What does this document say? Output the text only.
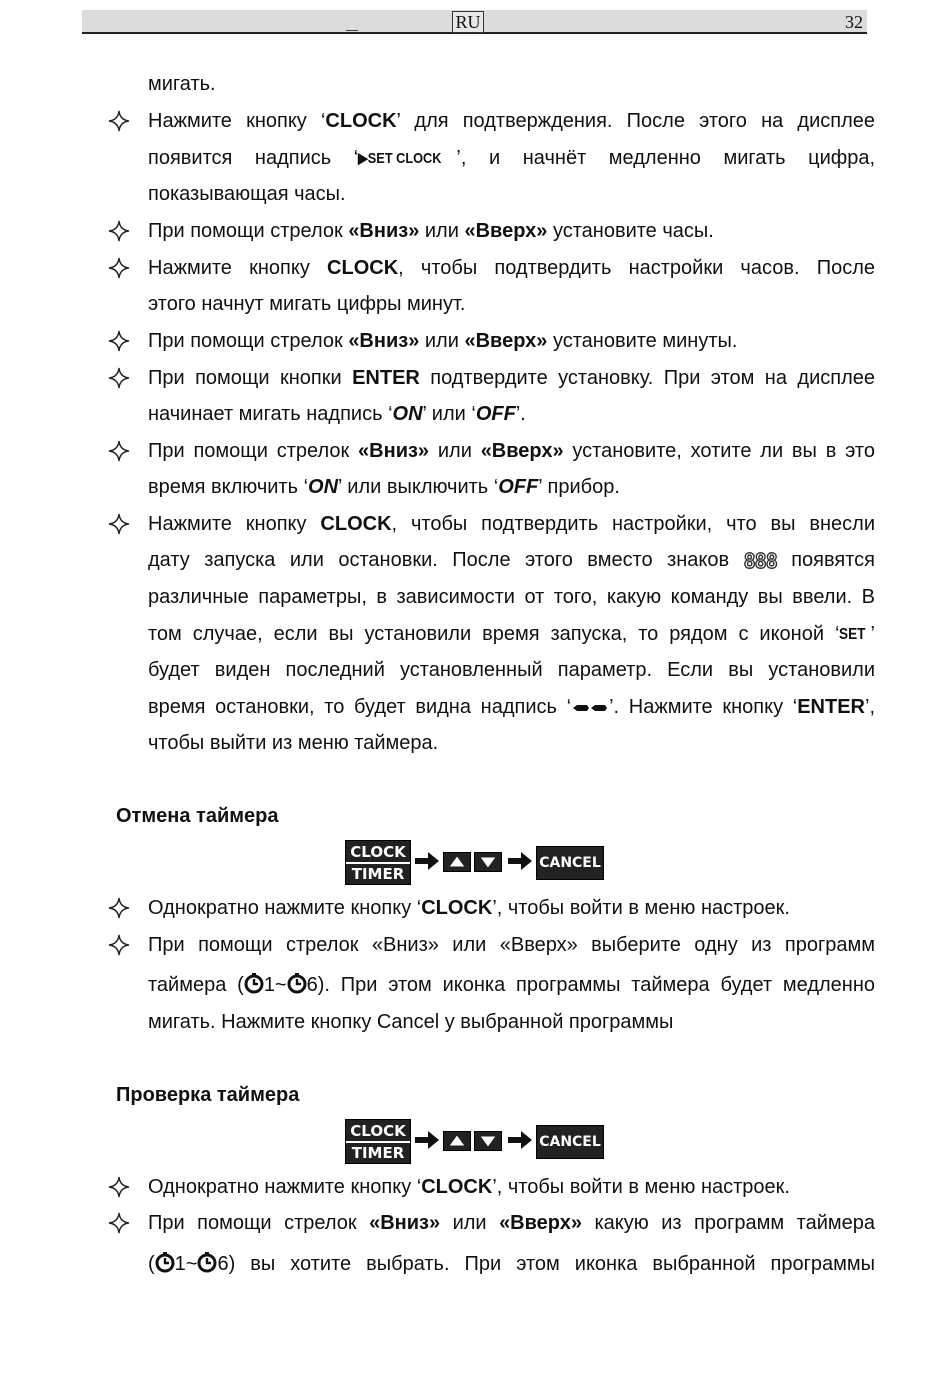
RU	32
мигать.
Нажмите кнопку ‘CLOCK’ для подтверждения. После этого на дисплее
появится надпись ‘▶SET CLOCK ’, и начнёт медленно мигать цифра,
показывающая часы.
При помощи стрелок «Вниз» или «Вверх» установите часы.
Нажмите кнопку CLOCK, чтобы подтвердить настройки часов. После
этого начнут мигать цифры минут.
При помощи стрелок «Вниз» или «Вверх» установите минуты.
При помощи кнопки ENTER подтвердите установку. При этом на дисплее
начинает мигать надпись ‘ON’ или ‘OFF’.
При помощи стрелок «Вниз» или «Вверх» установите, хотите ли вы в это
время включить ‘ON’ или выключить ‘OFF’ прибор.
Нажмите кнопку CLOCK, чтобы подтвердить настройки, что вы внесли
дату запуска или остановки. После этого вместо знаков 888 появятся
различные параметры, в зависимости от того, какую команду вы ввели. В
том случае, если вы установили время запуска, то рядом с иконой ‘SET ’
будет виден последний установленный параметр. Если вы установили
время остановки, то будет видна надпись ‘ ’. Нажмите кнопку ‘ENTER’,
чтобы выйти из меню таймера.
Отмена таймера
CLOCK
TIMER
CANCEL
Однократно нажмите кнопку ‘CLOCK’, чтобы войти в меню настроек.
При помощи стрелок «Вниз» или «Вверх» выберите одну из программ
таймера ( 1~ 6). При этом иконка программы таймера будет медленно
мигать. Нажмите кнопку Cancel у выбранной программы
Проверка таймера
CLOCK
TIMER
CANCEL
Однократно нажмите кнопку ‘CLOCK’, чтобы войти в меню настроек.
При помощи стрелок «Вниз» или «Вверх» какую из программ таймера
( 1~ 6) вы хотите выбрать. При этом иконка выбранной программы
